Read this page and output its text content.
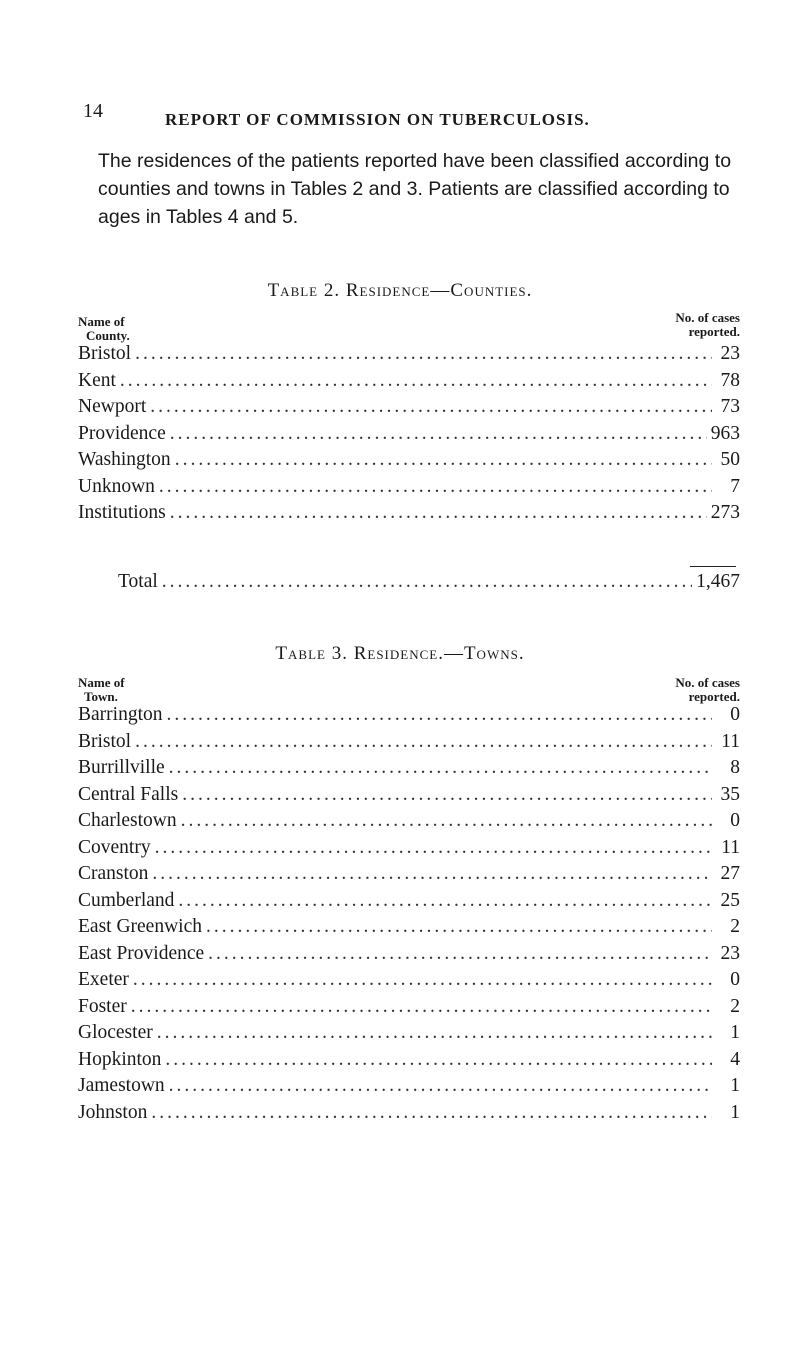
14	REPORT OF COMMISSION ON TUBERCULOSIS.

The residences of the patients reported have been classified according to counties and towns in Tables 2 and 3. Patients are classified according to ages in Tables 4 and 5.

Table 2. Residence—Counties.
Name of
County.
No. of cases
reported.
Bristol .....	23
Kent .....	78
Newport .....	73
Providence .....	963
Washington .....	50
Unknown .....	7
Institutions .....	273
Total .....	1,467
Table 3. Residence.—Towns.
Name of
Town.
No. of cases
reported.
Barrington .....	0
Bristol .....	11
Burrillville .....	8
Central Falls .....	35
Charlestown .....	0
Coventry .....	11
Cranston .....	27
Cumberland .....	25
East Greenwich .....	2
East Providence .....	23
Exeter .....	0
Foster .....	2
Glocester .....	1
Hopkinton .....	4
Jamestown .....	1
Johnston .....	1
